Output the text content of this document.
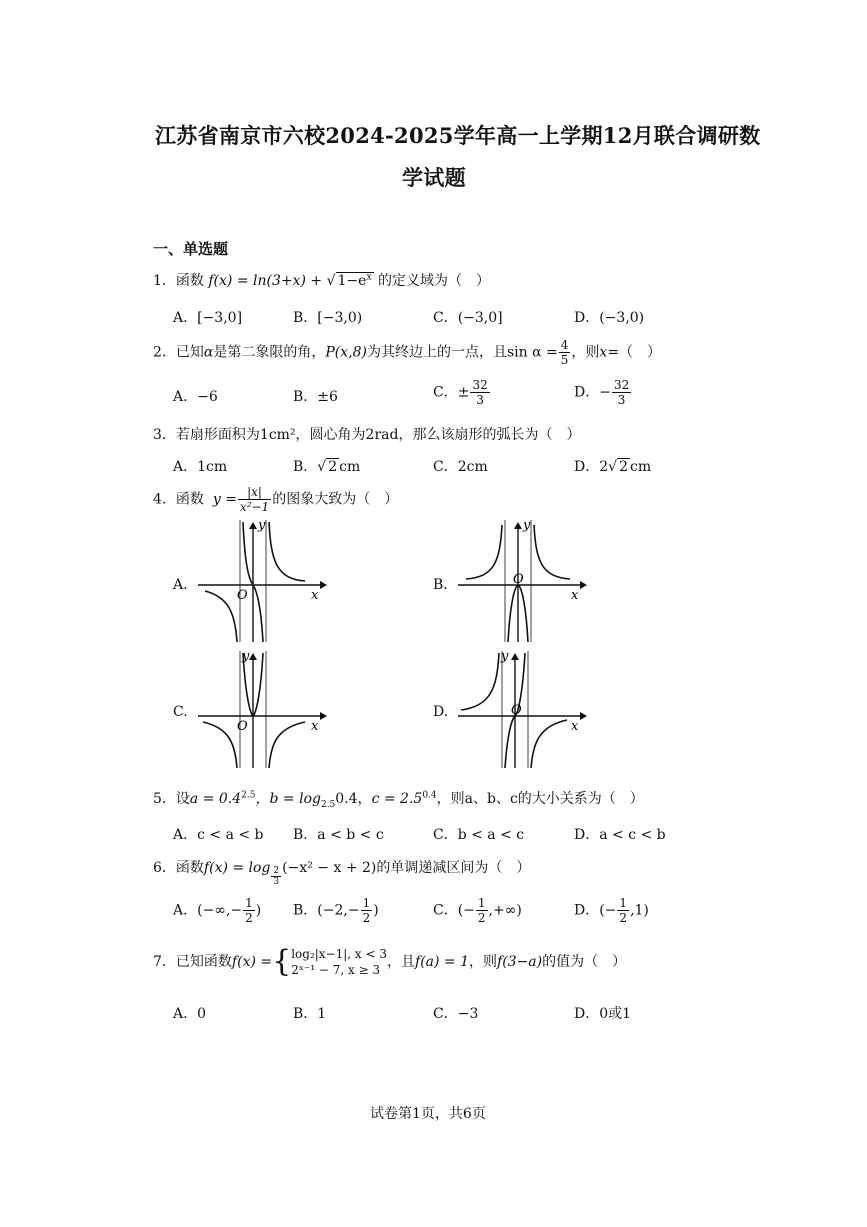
江苏省南京市六校2024-2025学年高一上学期12月联合调研数
学试题
一、单选题
1．函数 f(x) = ln(3+x) + √ $1-e^x$ 的定义域为（　）
A．[−3,0]	B．[−3,0)	C．(−3,0]	D．(−3,0)
2．已知α是第二象限的角，P(x,8)为其终边上的一点，且$\sin \alpha = \frac{4}{5}$ ，则x=（　）
A．−6	B．±6	C．± $\frac{32}{3}$	D．− $\frac{32}{3}$
3．若扇形面积为1cm²，圆心角为2rad，那么该扇形的弧长为（　）
A．1cm	B．√ 2 cm	C．2cm	D．2√ 2 cm
4．函数 $y = \frac{|x|}{\text{x²−1}}$ 的图象大致为（　）
A.	B.
C.	D.
y
x
O
y
x
O
y
x
O
y
x
O
5．设$a = 0.4^{2.5}$，$b = \log_{2.5}0.4$，$c = 2.5^{0.4}$，则a、b、c的大小关系为（　）
A．c < a < b B．a < b < c	C．b < a < c	D．a < c < b
6．函数$f(x) = \log \frac{2}{3} (-x^2 - x + 2)$的单调递减区间为（　）
A．(−∞,− $\frac{1}{2}$ ) B．($-2,- \frac{1}{2}$ )	C．(− $\frac{1}{2}$ ,+∞)	D．(− $\frac{1}{2} ,1$)
7．已知函数f(x) ={ log₂|x−1|, x < 3
2ˣ⁻¹ − 7, x ≥ 3 ，且f(a) = 1，则f(3−a)的值为（　）
A．0	B．1	C．−3	D．0或1
试卷第1页，共6页
